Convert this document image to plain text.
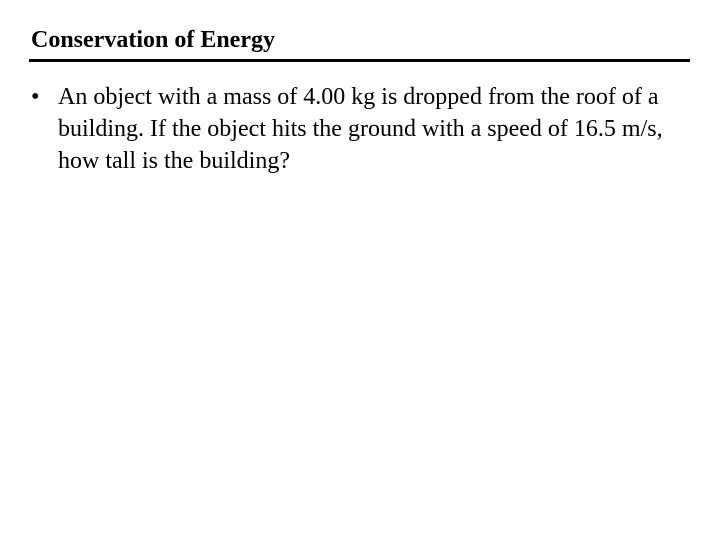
Conservation of Energy
• An object with a mass of 4.00 kg is dropped from the roof of a building. If the object hits the ground with a speed of 16.5 m/s, how tall is the building?
